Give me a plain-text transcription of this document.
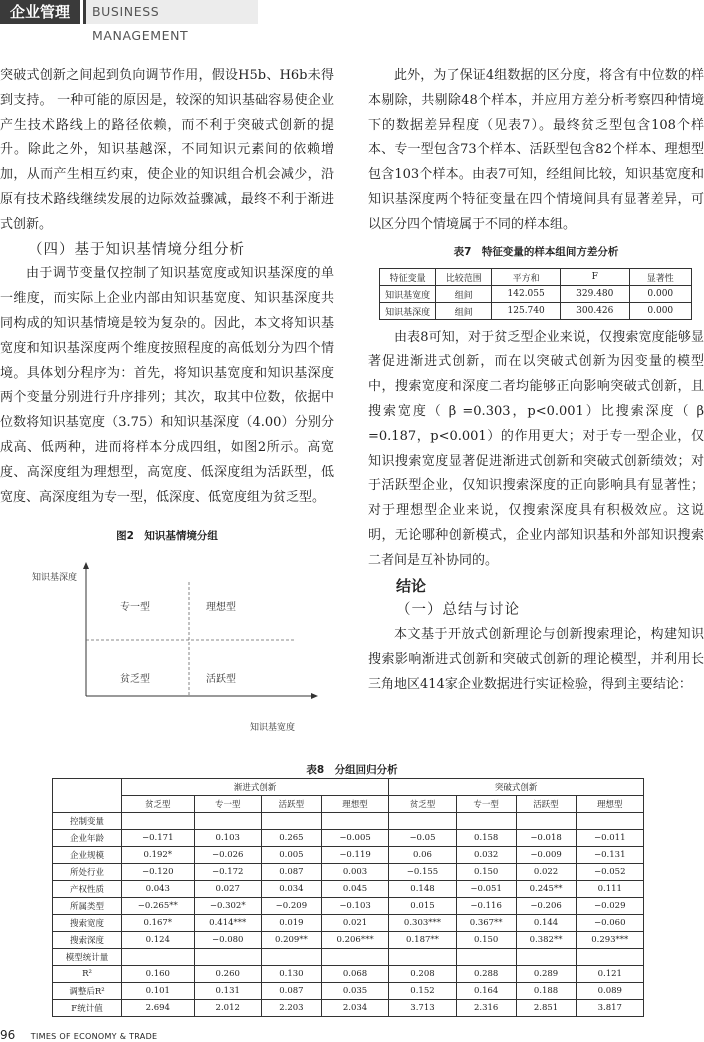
企业管理	BUSINESS MANAGEMENT

突破式创新之间起到负向调节作用，假设H5b、H6b未得到支持。 一种可能的原因是，较深的知识基础容易使企业产生技术路线上的路径依赖，而不利于突破式创新的提升。除此之外，知识基越深，不同知识元素间的依赖增加，从而产生相互约束，使企业的知识组合机会减少，沿原有技术路线继续发展的边际效益骤减，最终不利于渐进式创新。

（四）基于知识基情境分组分析

由于调节变量仅控制了知识基宽度或知识基深度的单一维度，而实际上企业内部由知识基宽度、知识基深度共同构成的知识基情境是较为复杂的。因此，本文将知识基宽度和知识基深度两个维度按照程度的高低划分为四个情境。具体划分程序为：首先，将知识基宽度和知识基深度两个变量分别进行升序排列；其次，取其中位数，依据中位数将知识基宽度（3.75）和知识基深度（4.00）分别分成高、低两种，进而将样本分成四组，如图2所示。高宽度、高深度组为理想型，高宽度、低深度组为活跃型，低宽度、高深度组为专一型，低深度、低宽度组为贫乏型。

图2　知识基情境分组
知识基深度
知识基宽度
专一型	理想型
贫乏型	活跃型

此外，为了保证4组数据的区分度，将含有中位数的样本剔除，共剔除48个样本，并应用方差分析考察四种情境下的数据差异程度（见表7）。最终贫乏型包含108个样本、专一型包含73个样本、活跃型包含82个样本、理想型包含103个样本。由表7可知，经组间比较，知识基宽度和知识基深度两个特征变量在四个情境间具有显著差异，可以区分四个情境属于不同的样本组。

表7　特征变量的样本组间方差分析

由表8可知，对于贫乏型企业来说，仅搜索宽度能够显著促进渐进式创新，而在以突破式创新为因变量的模型中，搜索宽度和深度二者均能够正向影响突破式创新，且搜索宽度（ β =0.303，p<0.001）比搜索深度（ β =0.187，p<0.001）的作用更大；对于专一型企业，仅知识搜索宽度显著促进渐进式创新和突破式创新绩效；对于活跃型企业，仅知识搜索深度的正向影响具有显著性；对于理想型企业来说，仅搜索深度具有积极效应。这说明，无论哪种创新模式，企业内部知识基和外部知识搜索二者间是互补协同的。

结论

（一）总结与讨论

本文基于开放式创新理论与创新搜索理论，构建知识搜索影响渐进式创新和突破式创新的理论模型，并利用长三角地区414家企业数据进行实证检验，得到主要结论：

特征变量	比较范围	平方和	F	显著性
知识基宽度	组间	142.055	329.480	0.000
知识基深度	组间	125.740	300.426	0.000
表8　分组回归分析
	渐进式创新				突破式创新			
	贫乏型	专一型	活跃型	理想型	贫乏型	专一型	活跃型	理想型
控制变量								
企业年龄	−0.171	0.103	0.265	−0.005	−0.05	0.158	−0.018	−0.011
企业规模	0.192*	−0.026	0.005	−0.119	0.06	0.032	−0.009	−0.131
所处行业	−0.120	−0.172	0.087	0.003	−0.155	0.150	0.022	−0.052
产权性质	0.043	0.027	0.034	0.045	0.148	−0.051	0.245**	0.111
所属类型	−0.265**	−0.302*	−0.209	−0.103	0.015	−0.116	−0.206	−0.029
搜索宽度	0.167*	0.414***	0.019	0.021	0.303***	0.367**	0.144	−0.060
搜索深度	0.124	−0.080	0.209**	0.206***	0.187**	0.150	0.382**	0.293***
模型统计量								
R²	0.160	0.260	0.130	0.068	0.208	0.288	0.289	0.121
调整后R²	0.101	0.131	0.087	0.035	0.152	0.164	0.188	0.089
F统计值	2.694	2.012	2.203	2.034	3.713	2.316	2.851	3.817
96 TIMES OF ECONOMY & TRADE
